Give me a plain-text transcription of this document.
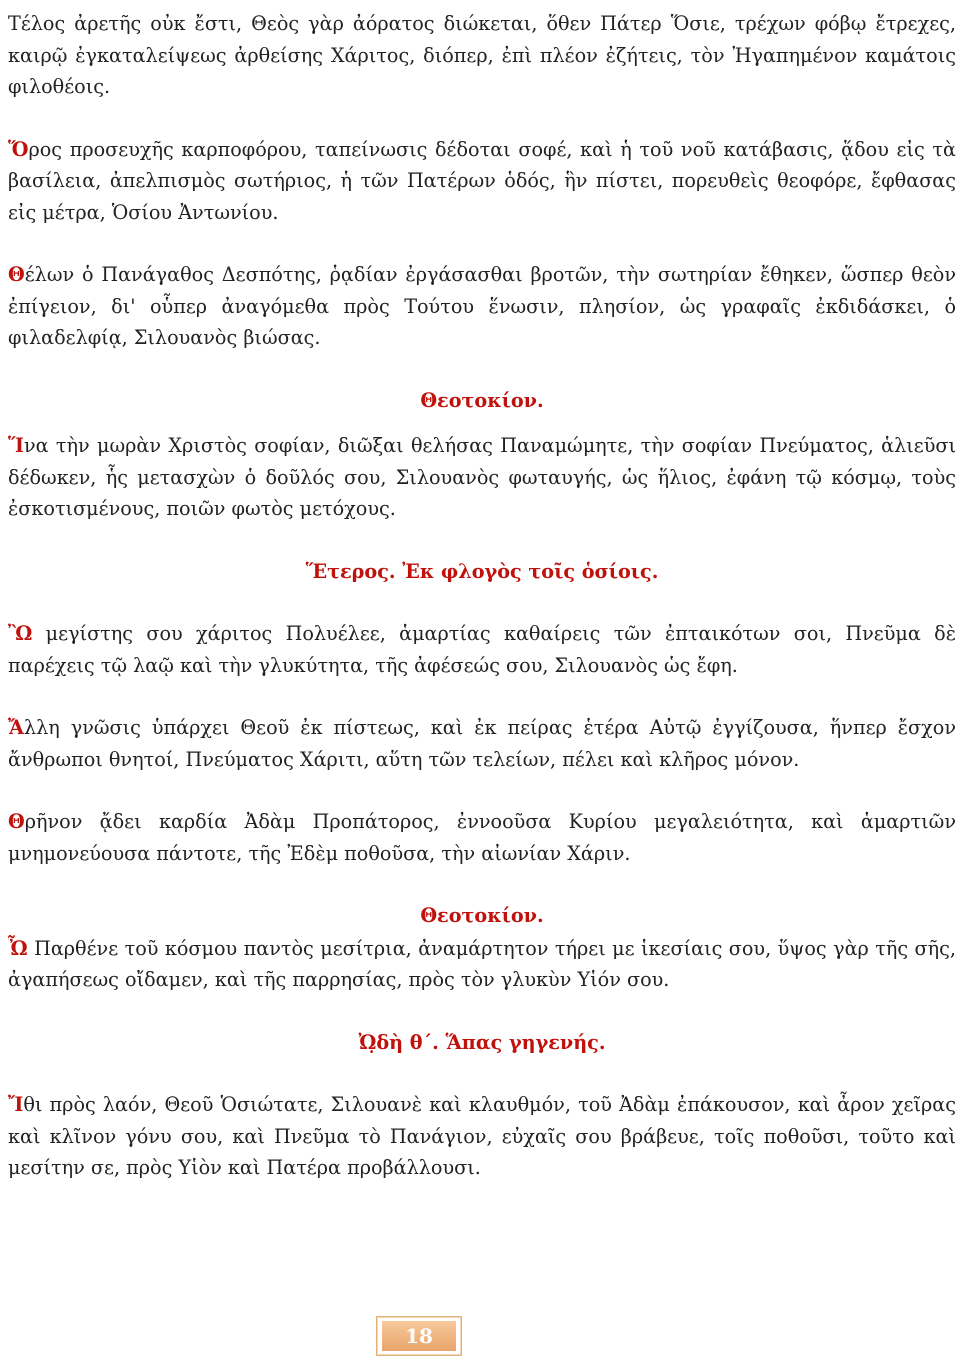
Τέλος ἀρετῆς οὐκ ἔστι, Θεὸς γὰρ ἀόρατος διώκεται, ὅθεν Πάτερ Ὅσιε, τρέχων φόβῳ ἔτρεχες, καιρῷ ἐγκαταλείψεως ἀρθείσης Χάριτος, διόπερ, ἐπὶ πλέον ἐζήτεις, τὸν Ἠγαπημένον καμάτοις φιλοθέοις.

Ὅρος προσευχῆς καρποφόρου, ταπείνωσις δέδοται σοφέ, καὶ ἡ τοῦ νοῦ κατάβασις, ᾅδου εἰς τὰ βασίλεια, ἀπελπισμὸς σωτήριος, ἡ τῶν Πατέρων ὁδός, ἣν πίστει, πορευθεὶς θεοφόρε, ἔφθασας εἰς μέτρα, Ὁσίου Ἀντωνίου.

Θέλων ὁ Πανάγαθος Δεσπότης, ῥᾳδίαν ἐργάσασθαι βροτῶν, τὴν σωτηρίαν ἔθηκεν, ὥσπερ θεὸν ἐπίγειον, δι' οὗπερ ἀναγόμεθα πρὸς Τούτου ἕνωσιν, πλησίον, ὡς γραφαῖς ἐκδιδάσκει, ὁ φιλαδελφίᾳ, Σιλουανὸς βιώσας.

Θεοτοκίον.

Ἵνα τὴν μωρὰν Χριστὸς σοφίαν, διῶξαι θελήσας Παναμώμητε, τὴν σοφίαν Πνεύματος, ἁλιεῦσι δέδωκεν, ἧς μετασχὼν ὁ δοῦλός σου, Σιλουανὸς φωταυγής, ὡς ἥλιος, ἐφάνη τῷ κόσμῳ, τοὺς ἐσκοτισμένους, ποιῶν φωτὸς μετόχους.

Ἕτερος. Ἐκ φλογὸς τοῖς ὁσίοις.

Ὢ μεγίστης σου χάριτος Πολυέλεε, ἁμαρτίας καθαίρεις τῶν ἐπταικότων σοι, Πνεῦμα δὲ παρέχεις τῷ λαῷ καὶ τὴν γλυκύτητα, τῆς ἀφέσεώς σου, Σιλουανὸς ὡς ἔφη.

Ἄλλη γνῶσις ὑπάρχει Θεοῦ ἐκ πίστεως, καὶ ἐκ πείρας ἑτέρα Αὐτῷ ἐγγίζουσα, ἥνπερ ἔσχον ἄνθρωποι θνητοί, Πνεύματος Χάριτι, αὕτη τῶν τελείων, πέλει καὶ κλῆρος μόνον.

Θρῆνον ᾄδει καρδία Ἀδὰμ Προπάτορος, ἐννοοῦσα Κυρίου μεγαλειότητα, καὶ ἁμαρτιῶν μνημονεύουσα πάντοτε, τῆς Ἐδὲμ ποθοῦσα, τὴν αἰωνίαν Χάριν.

Θεοτοκίον.

Ὦ Παρθένε τοῦ κόσμου παντὸς μεσίτρια, ἀναμάρτητον τήρει με ἱκεσίαις σου, ὕψος γὰρ τῆς σῆς, ἀγαπήσεως οἴδαμεν, καὶ τῆς παρρησίας, πρὸς τὸν γλυκὺν Υἱόν σου.

Ὠ̣δὴ θ΄. Ἅπας γηγενής.

Ἴθι πρὸς λαόν, Θεοῦ Ὁσιώτατε, Σιλουανὲ καὶ κλαυθμόν, τοῦ Ἀδὰμ ἐπάκουσον, καὶ ἆρον χεῖρας καὶ κλῖνον γόνυ σου, καὶ Πνεῦμα τὸ Πανάγιον, εὐχαῖς σου βράβευε, τοῖς ποθοῦσι, τοῦτο καὶ μεσίτην σε, πρὸς Υἱὸν καὶ Πατέρα προβάλλουσι.

18
